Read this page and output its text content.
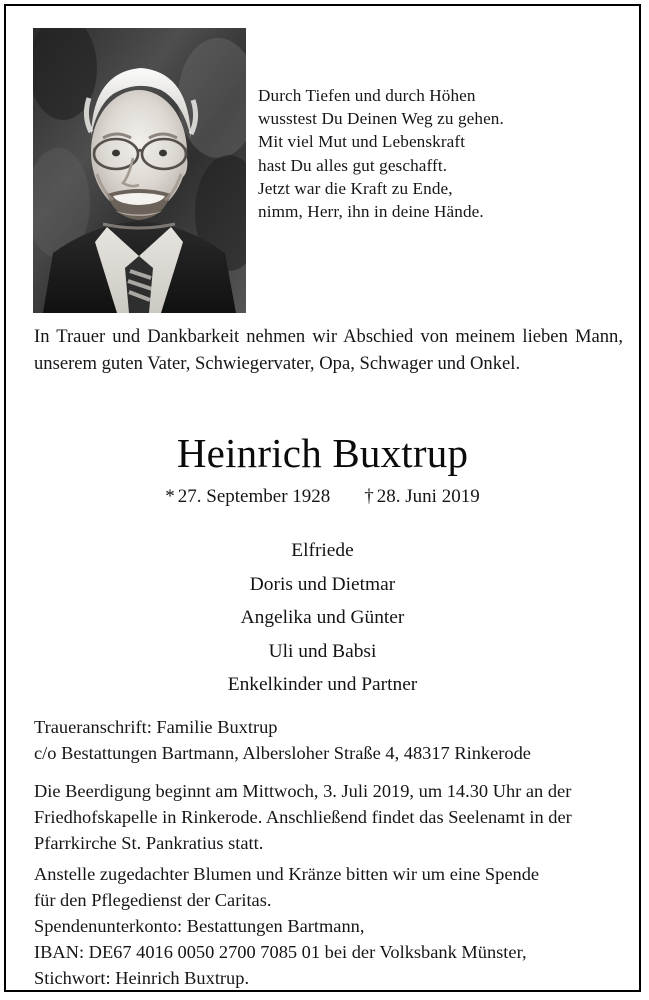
Durch Tiefen und durch Höhen
wusstest Du Deinen Weg zu gehen.
Mit viel Mut und Lebenskraft
hast Du alles gut geschafft.
Jetzt war die Kraft zu Ende,
nimm, Herr, ihn in deine Hände.
In Trauer und Dankbarkeit nehmen wir Abschied von meinem lieben Mann, unserem guten Vater, Schwiegervater, Opa, Schwager und Onkel.
Heinrich Buxtrup
* 27. September 1928 † 28. Juni 2019
Elfriede
Doris und Dietmar
Angelika und Günter
Uli und Babsi
Enkelkinder und Partner
Traueranschrift: Familie Buxtrup
c/o Bestattungen Bartmann, Albersloher Straße 4, 48317 Rinkerode
Die Beerdigung beginnt am Mittwoch, 3. Juli 2019, um 14.30 Uhr an der Friedhofskapelle in Rinkerode. Anschließend findet das Seelenamt in der Pfarrkirche St. Pankratius statt.
Anstelle zugedachter Blumen und Kränze bitten wir um eine Spende
für den Pflegedienst der Caritas.
Spendenunterkonto: Bestattungen Bartmann,
IBAN: DE67 4016 0050 2700 7085 01 bei der Volksbank Münster,
Stichwort: Heinrich Buxtrup.
